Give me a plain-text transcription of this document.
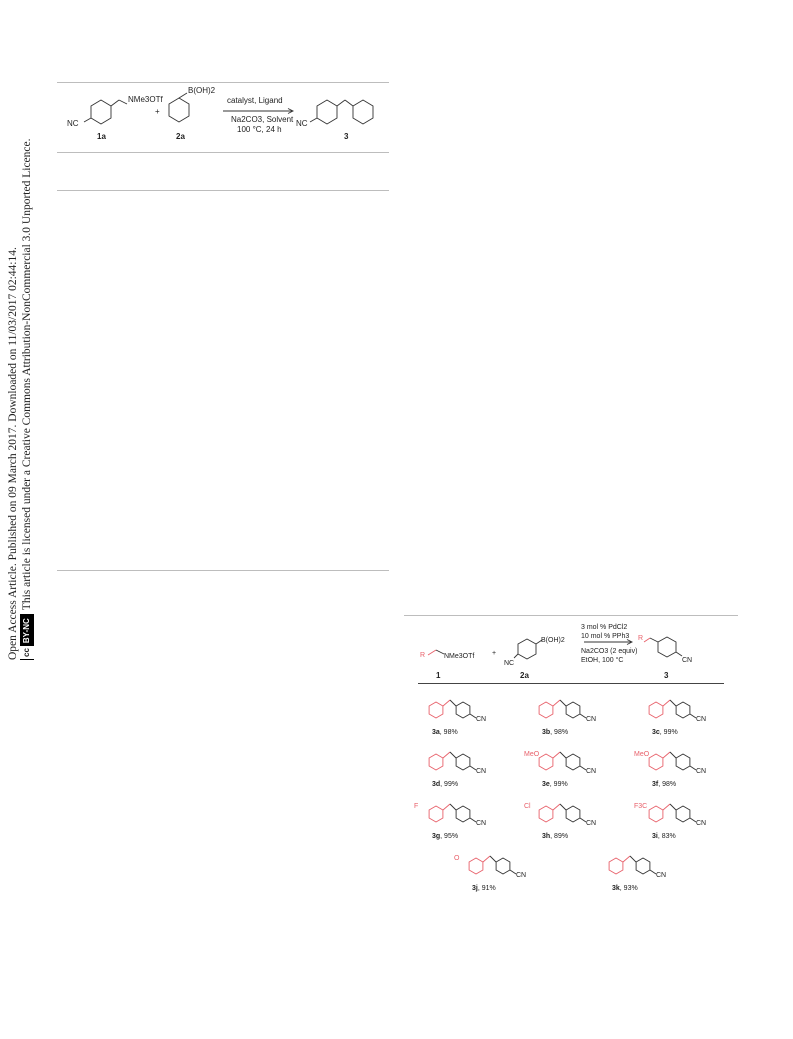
Open Access Article. Published on 09 March 2017. Downloaded on 11/03/2017 02:44:14. cc
BY-NC
This article is licensed under a Creative Commons Attribution-NonCommercial 3.0 Unported Licence.
NMe3OTf
NC
1a
+
B(OH)2
2a
catalyst, Ligand
Na2CO3, Solvent
100 °C, 24 h
NC
3
R	NMe3OTf
1
+
B(OH)2
NC
2a
3 mol % PdCl2
10 mol % PPh3
Na2CO3 (2 equiv)
EtOH, 100 °C
R
CN
3
CN
3a, 98%
CN
3b, 98%
CN
3c, 99%
CN
3d, 99%
CN
MeO
3e, 99%
CN
MeO
3f, 98%
CN
F
3g, 95%
CN
Cl
3h, 89%
CN
F3C
3i, 83%
CN
O
3j, 91%
CN
3k, 93%
